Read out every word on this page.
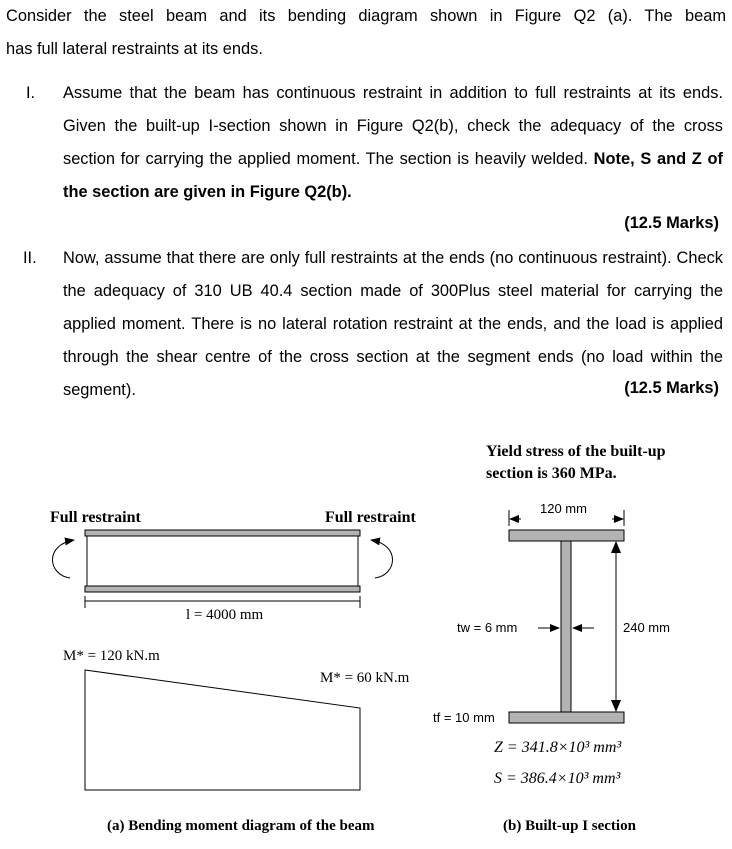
Consider the steel beam and its bending diagram shown in Figure Q2 (a). The beam
has full lateral restraints at its ends.
I. Assume that the beam has continuous restraint in addition to full restraints at its ends. Given the built-up I-section shown in Figure Q2(b), check the adequacy of the cross section for carrying the applied moment. The section is heavily welded. Note, S and Z of the section are given in Figure Q2(b).

(12.5 Marks)
II. Now, assume that there are only full restraints at the ends (no continuous restraint). Check the adequacy of 310 UB 40.4 section made of 300Plus steel material for carrying the applied moment. There is no lateral rotation restraint at the ends, and the load is applied through the shear centre of the cross section at the segment ends (no load within the segment).	(12.5 Marks)
Full restraint	Full restraint
l = 4000 mm
M* = 120 kN.m
M* = 60 kN.m
(a) Bending moment diagram of the beam
Yield stress of the built-up
section is 360 MPa.
120 mm
240 mm
tw = 6 mm
tf = 10 mm
Z = 341.8×10³ mm³
S = 386.4×10³ mm³
(b) Built-up I section
